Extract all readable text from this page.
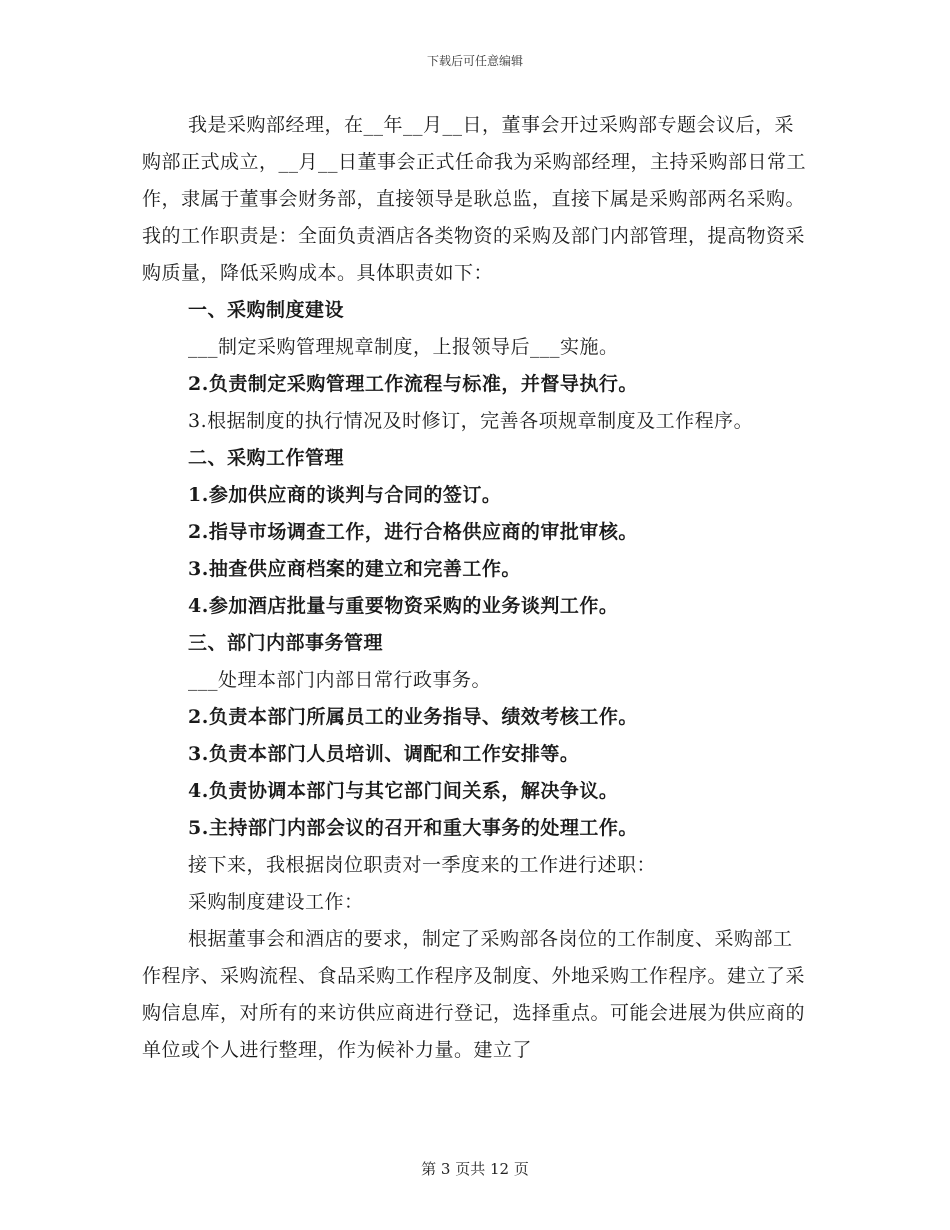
下载后可任意编辑

我是采购部经理，在__年__月__日，董事会开过采购部专题会议后，采购部正式成立，__月__日董事会正式任命我为采购部经理，主持采购部日常工作，隶属于董事会财务部，直接领导是耿总监，直接下属是采购部两名采购。我的工作职责是：全面负责酒店各类物资的采购及部门内部管理，提高物资采购质量，降低采购成本。具体职责如下：

一、采购制度建设

___制定采购管理规章制度，上报领导后___实施。

2.负责制定采购管理工作流程与标准，并督导执行。

3.根据制度的执行情况及时修订，完善各项规章制度及工作程序。

二、采购工作管理

1.参加供应商的谈判与合同的签订。

2.指导市场调查工作，进行合格供应商的审批审核。

3.抽查供应商档案的建立和完善工作。

4.参加酒店批量与重要物资采购的业务谈判工作。

三、部门内部事务管理

___处理本部门内部日常行政事务。

2.负责本部门所属员工的业务指导、绩效考核工作。

3.负责本部门人员培训、调配和工作安排等。

4.负责协调本部门与其它部门间关系，解决争议。

5.主持部门内部会议的召开和重大事务的处理工作。

接下来，我根据岗位职责对一季度来的工作进行述职：

采购制度建设工作：

根据董事会和酒店的要求，制定了采购部各岗位的工作制度、采购部工作程序、采购流程、食品采购工作程序及制度、外地采购工作程序。建立了采购信息库，对所有的来访供应商进行登记，选择重点。可能会进展为供应商的单位或个人进行整理，作为候补力量。建立了

第 3 页共 12 页
